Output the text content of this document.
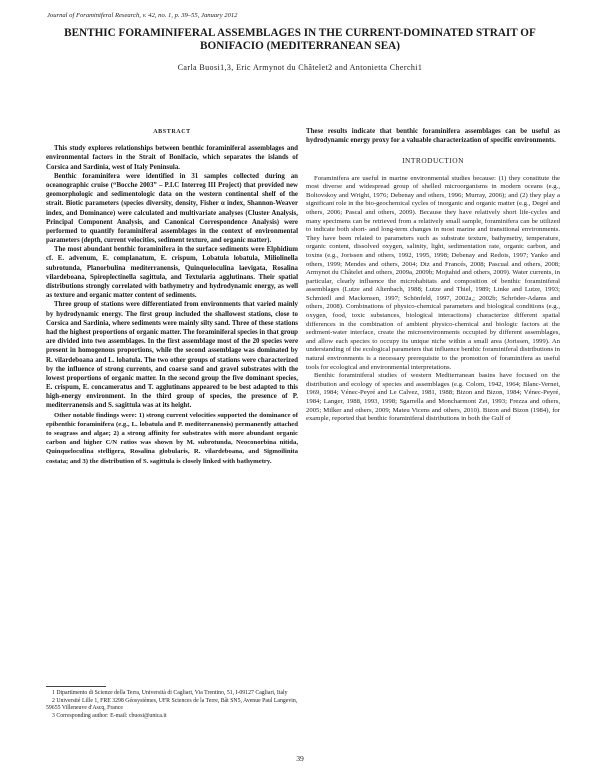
Journal of Foraminiferal Research, v. 42, no. 1, p. 39–55, January 2012
BENTHIC FORAMINIFERAL ASSEMBLAGES IN THE CURRENT-DOMINATED STRAIT OF BONIFACIO (MEDITERRANEAN SEA)
Carla Buosi1,3, Eric Armynot du Châtelet2 and Antonietta Cherchi1
ABSTRACT

This study explores relationships between benthic foraminiferal assemblages and environmental factors in the Strait of Bonifacio, which separates the islands of Corsica and Sardinia, west of Italy Peninsula.

Benthic foraminifera were identified in 31 samples collected during an oceanographic cruise (“Bocche 2003” – P.I.C Interreg III Project) that provided new geomorphologic and sedimentologic data on the western continental shelf of the strait. Biotic parameters (species diversity, density, Fisher α index, Shannon-Weaver index, and Dominance) were calculated and multivariate analyses (Cluster Analysis, Principal Component Analysis, and Canonical Correspondence Analysis) were performed to quantify foraminiferal assemblages in the context of environmental parameters (depth, current velocities, sediment texture, and organic matter).

The most abundant benthic foraminifera in the surface sediments were Elphidium cf. E. advenum, E. complanatum, E. crispum, Lobatula lobatula, Miliolinella subrotunda, Planorbulina mediterranensis, Quinqueloculina laevigata, Rosalina vilardeboana, Spiroplectinella sagittula, and Textularia agglutinans. Their spatial distributions strongly correlated with bathymetry and hydrodynamic energy, as well as texture and organic matter content of sediments.

Three group of stations were differentiated from environments that varied mainly by hydrodynamic energy. The first group included the shallowest stations, close to Corsica and Sardinia, where sediments were mainly silty sand. Three of these stations had the highest proportions of organic matter. The foraminiferal species in that group are divided into two assemblages. In the first assemblage most of the 20 species were present in homogenous proportions, while the second assemblage was dominated by R. vilardeboana and L. lobatula. The two other groups of stations were characterized by the influence of strong currents, and coarse sand and gravel substrates with the lowest proportions of organic matter. In the second group the five dominant species, E. crispum, E. concameratus and T. agglutinans appeared to be best adapted to this high-energy environment. In the third group of species, the presence of P. mediterranensis and S. sagittula was at its height.

Other notable findings were: 1) strong current velocities supported the dominance of epibenthic foraminifera (e.g., L. lobatula and P. mediterranensis) permanently attached to seagrass and algae; 2) a strong affinity for substrates with more abundant organic carbon and higher C/N ratios was shown by M. subrotunda, Neoconorbina nitida, Quinqueloculina stelligera, Rosalina globularis, R. vilardeboana, and Sigmoilinita costata; and 3) the distribution of S. sagittula is closely linked with bathymetry.

These results indicate that benthic foraminifera assemblages can be useful as hydrodynamic energy proxy for a valuable characterization of specific environments.

INTRODUCTION

Foraminifera are useful in marine environmental studies because: (1) they constitute the most diverse and widespread group of shelled microorganisms in modern oceans (e.g., Boltovskoy and Wright, 1976; Debenay and others, 1996; Murray, 2006); and (2) they play a significant role in the bio-geochemical cycles of inorganic and organic matter (e.g., Degré and others, 2006; Pascal and others, 2009). Because they have relatively short life-cycles and many specimens can be retrieved from a relatively small sample, foraminifera can be utilized to indicate both short- and long-term changes in most marine and transitional environments. They have been related to parameters such as substrate texture, bathymetry, temperature, organic content, dissolved oxygen, salinity, light, sedimentation rate, organic carbon, and toxins (e.g., Jorissen and others, 1992, 1995, 1998; Debenay and Redois, 1997; Yanko and others, 1999; Mendes and others, 2004; Diz and Francés, 2008; Pascual and others, 2008; Armynot du Châtelet and others, 2009a, 2009b; Mojtahid and others, 2009). Water currents, in particular, clearly influence the microhabitats and composition of benthic foraminiferal assemblages (Lutze and Altenbach, 1988; Lutze and Thiel, 1989; Linke and Lutze, 1993; Schmiedl and Mackensen, 1997; Schönfeld, 1997, 2002a,; 2002b; Schröder-Adams and others, 2008). Combinations of physico-chemical parameters and biological conditions (e.g., oxygen, food, toxic substances, biological interactions) characterize different spatial differences in the combination of ambient physico-chemical and biologic factors at the sediment-water interface, create the microenvironments occupied by different assemblages, and allow each species to occupy its unique niche within a small area (Jorissen, 1999). An understanding of the ecological parameters that influence benthic foraminiferal distributions in natural environments is a necessary prerequisite to the promotion of foraminifera as useful tools for ecological and environmental interpretations.

Benthic foraminiferal studies of western Mediterranean basins have focused on the distribution and ecology of species and assemblages (e.g. Colom, 1942, 1964; Blanc-Vernet, 1969, 1984; Vénec-Peyré and Le Calvez, 1981, 1988; Bizon and Bizon, 1984; Vénec-Peyré, 1984; Langer, 1988, 1993, 1998; Sgarrella and Moncharmont Zei, 1993; Frezza and others, 2005; Milker and others, 2009; Mateu Vicens and others, 2010). Bizon and Bizon (1984), for example, reported that benthic foraminiferal distributions in both the Gulf of

1 Dipartimento di Scienze della Terra, Università di Cagliari, Via Trentino, 51, I-09127 Cagliari, Italy

2 Université Lille 1, FRE 3298 Géosystèmes, UFR Sciences de la Terre, Bât SN5, Avenue Paul Langevin, 59655 Villeneuve d'Ascq, France

3 Corresponding author: E-mail: cbuosi@unica.it

39
